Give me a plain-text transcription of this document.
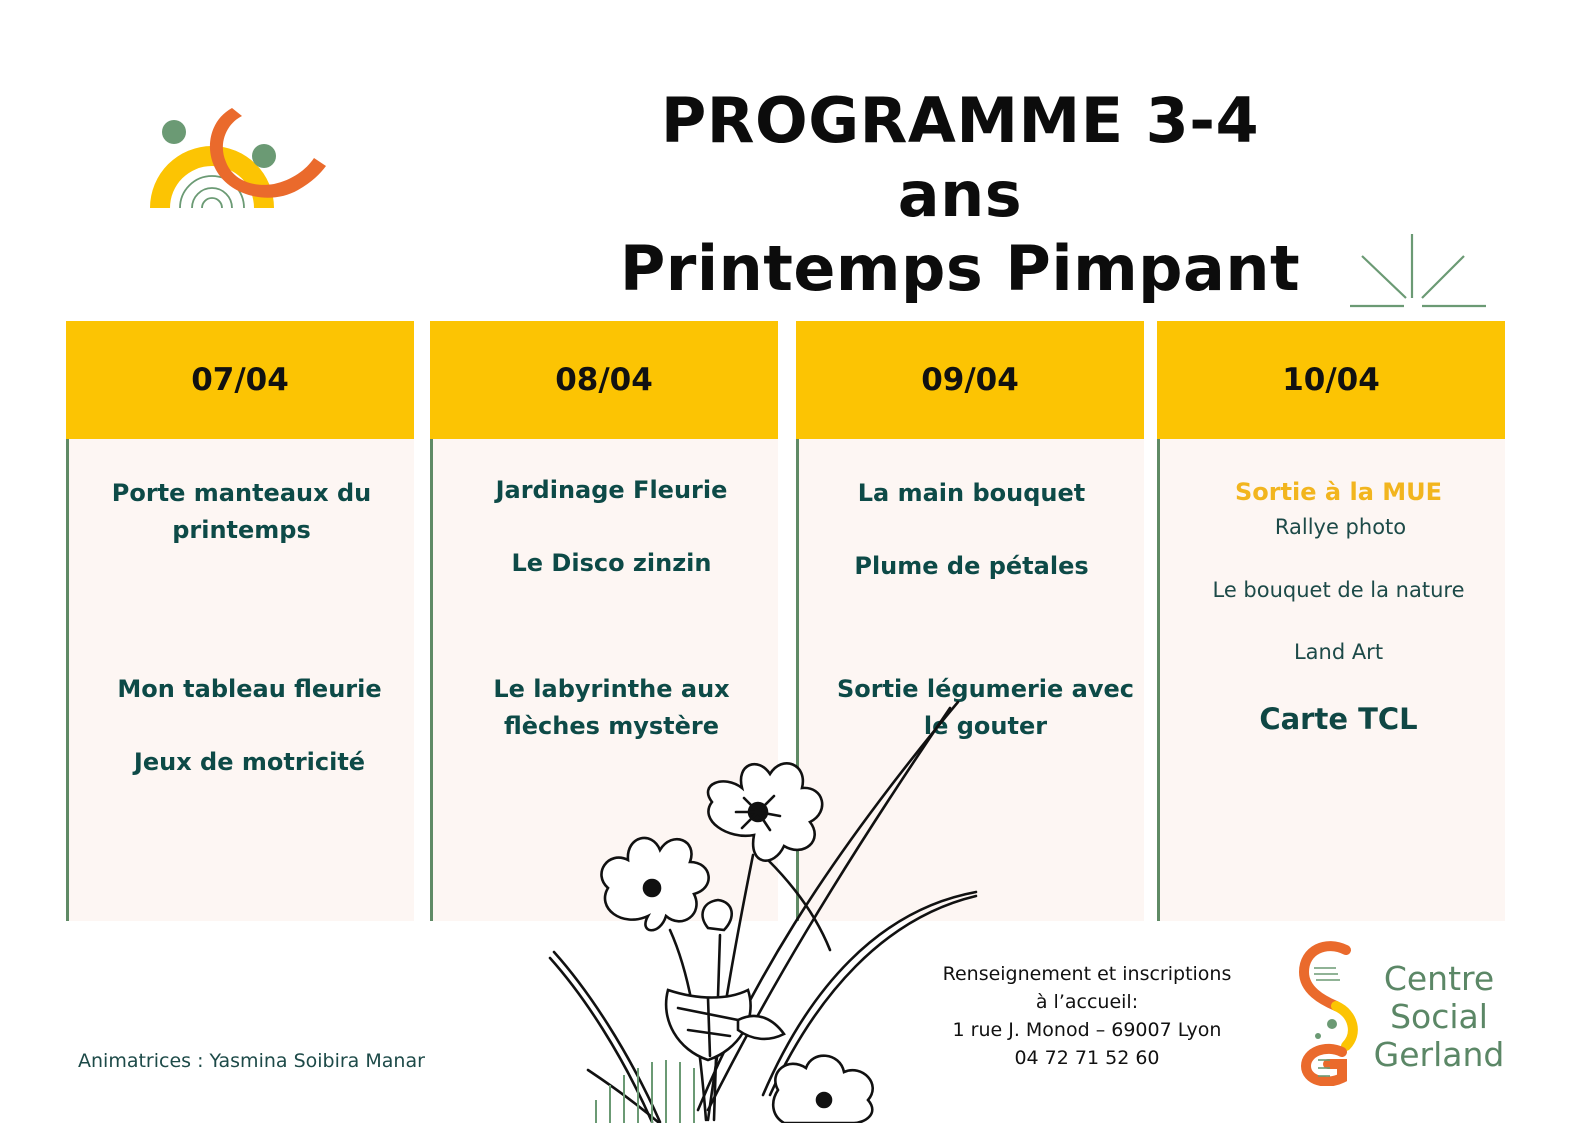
PROGRAMME 3-4 ans
Printemps Pimpant
07/04
Porte manteaux du printemps
Mon tableau fleurie
Jeux de motricité
08/04
Jardinage Fleurie
Le Disco zinzin
Le labyrinthe aux flèches mystère
09/04
La main bouquet
Plume de pétales
Sortie légumerie avec le gouter
10/04
Sortie à la MUE
Rallye photo
Le bouquet de la nature
Land Art
Carte TCL
Animatrices : Yasmina Soibira Manar
Renseignement et inscriptions
à l’accueil:
1 rue J. Monod – 69007 Lyon
04 72 71 52 60
Centre
Social
Gerland
